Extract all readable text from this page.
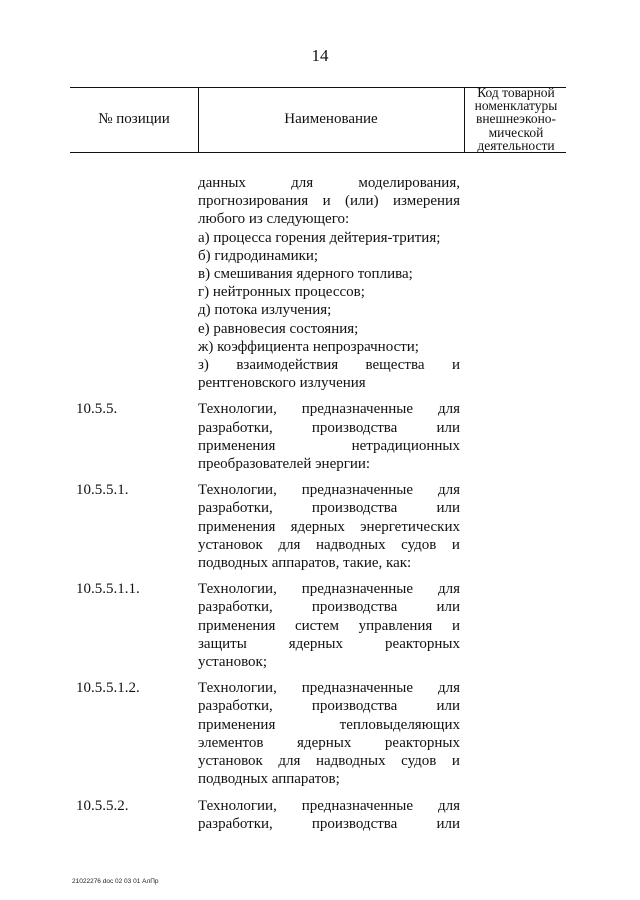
14
№ позиции	Наименование
Код товарной
номенклатуры
внешнеэконо-
мической
деятельности
данных	для	моделирования,
прогнозирования и (или) измерения
любого из следующего:
а) процесса горения дейтерия-трития;
б) гидродинамики;
в) смешивания ядерного топлива;
г) нейтронных процессов;
д) потока излучения;
е) равновесия состояния;
ж) коэффициента непрозрачности;
з) взаимодействия вещества и
рентгеновского излучения
10.5.5.	Технологии, предназначенные для
разработки,	производства	или
применения	нетрадиционных
преобразователей энергии:
10.5.5.1.	Технологии, предназначенные для
разработки,	производства	или
применения ядерных энергетических
установок для надводных судов и
подводных аппаратов, такие, как:
10.5.5.1.1.	Технологии, предназначенные для
разработки,	производства	или
применения систем управления и
защиты	ядерных	реакторных
установок;
10.5.5.1.2.	Технологии, предназначенные для
разработки,	производства	или
применения	тепловыделяющих
элементов ядерных реакторных
установок для надводных судов и
подводных аппаратов;
10.5.5.2.	Технологии, предназначенные для
разработки,	производства	или
21022276 doc 02 03 01 АлПр
